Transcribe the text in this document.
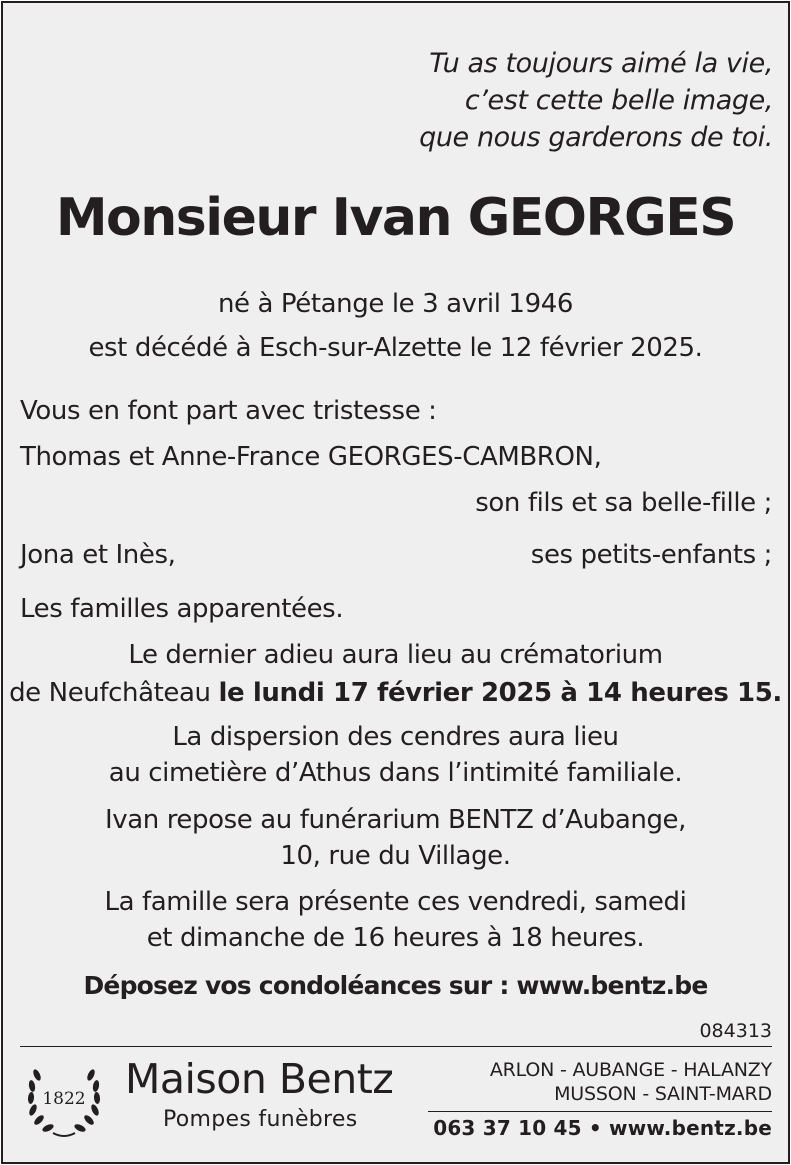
Tu as toujours aimé la vie,
c’est cette belle image,
que nous garderons de toi.
Monsieur Ivan GEORGES
né à Pétange le 3 avril 1946
est décédé à Esch-sur-Alzette le 12 février 2025.
Vous en font part avec tristesse :
Thomas et Anne-France GEORGES-CAMBRON,
son fils et sa belle-fille ;
Jona et Inès,	ses petits-enfants ;
Les familles apparentées.
Le dernier adieu aura lieu au crématorium
de Neufchâteau le lundi 17 février 2025 à 14 heures 15.
La dispersion des cendres aura lieu
au cimetière d’Athus dans l’intimité familiale.
Ivan repose au funérarium BENTZ d’Aubange,
10, rue du Village.
La famille sera présente ces vendredi, samedi
et dimanche de 16 heures à 18 heures.
Déposez vos condoléances sur : www.bentz.be
084313
1822 Maison Bentz
Pompes funèbres
ARLON - AUBANGE - HALANZY
MUSSON - SAINT-MARD
063 37 10 45 • www.bentz.be
